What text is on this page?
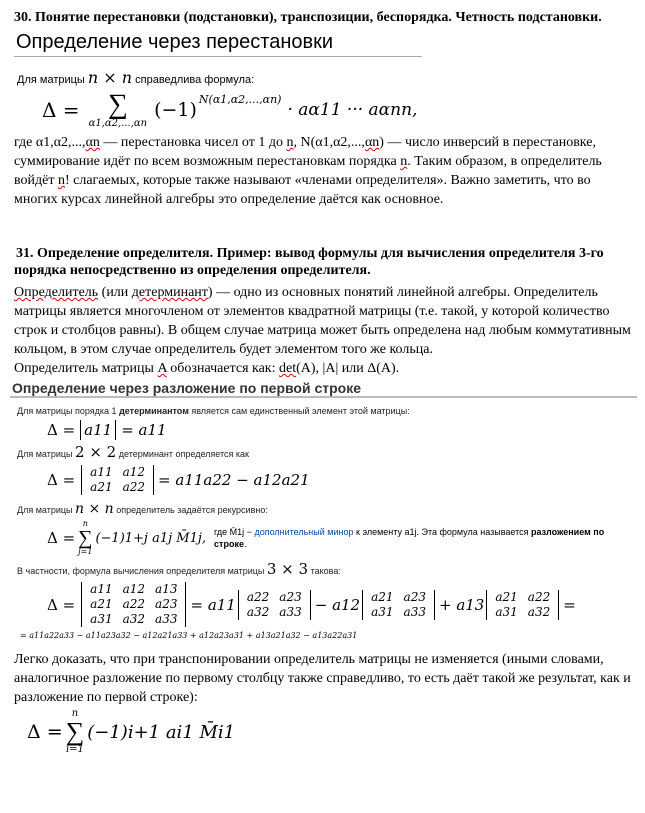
30. Понятие перестановки (подстановки), транспозиции, беспорядка. Четность подстановки.
Определение через перестановки
Для матрицы n × n справедлива формула:
Δ = ∑
α1,α2,...,αn
(−1) N(α1,α2,...,αn)
· aα11 ··· aαnn,
где α1,α2,...,αn — перестановка чисел от 1 до n, N(α1,α2,...,αn) — число инверсий в перестановке, суммирование идёт по всем возможным перестановкам порядка n. Таким образом, в определитель войдёт n! слагаемых, которые также называют «членами определителя». Важно заметить, что во многих курсах линейной алгебры это определение даётся как основное.
31. Определение определителя. Пример: вывод формулы для вычисления определителя 3-го порядка непосредственно из определения определителя.
Определитель (или детерминант) — одно из основных понятий линейной алгебры. Определитель матрицы является многочленом от элементов квадратной матрицы (т.е. такой, у которой количество строк и столбцов равны). В общем случае матрица может быть определена над любым коммутативным кольцом, в этом случае определитель будет элементом того же кольца.
Определитель матрицы A обозначается как: det(A), |A| или Δ(A).
Определение через разложение по первой строке
Для матрицы порядка 1 детерминантом является сам единственный элемент этой матрицы:
Δ = a11 = a11
Для матрицы 2 × 2 детерминант определяется как
Δ = a11	a12
a21	a22 = a11a22 − a12a21
Для матрицы n × n определитель задаётся рекурсивно:
Δ =
n
∑
j=1
(−1)1+j a1j M̄1j, где M̄1j − дополнительный минор к элементу a1j. Эта формула называется разложением по строке.
В частности, формула вычисления определителя матрицы 3 × 3 такова:
Δ =
a11	a12	a13
a21	a22	a23
a31	a32	a33
= a11 a22	a23
a32	a33 − a12 a21	a23
a31	a33 + a13 a21	a22
a31	a32 =
= a11a22a33 − a11a23a32 − a12a21a33 + a12a23a31 + a13a21a32 − a13a22a31
Легко доказать, что при транспонировании определитель матрицы не изменяется (иными словами, аналогичное разложение по первому столбцу также справедливо, то есть даёт такой же результат, как и разложение по первой строке):
Δ =
n
∑
i=1
(−1)i+1 ai1 M̄i1
